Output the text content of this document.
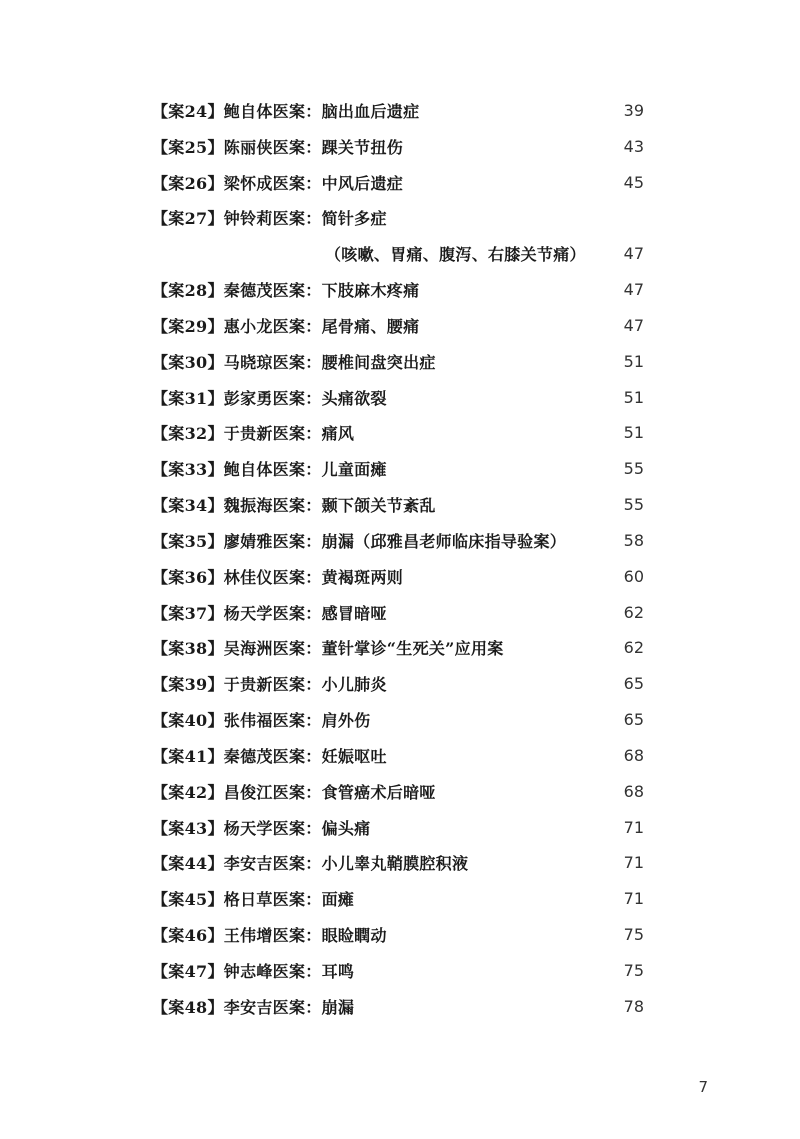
【案24】鲍自体医案：脑出血后遗症	39
【案25】陈丽侠医案：踝关节扭伤	43
【案26】梁怀成医案：中风后遗症	45
【案27】钟铃莉医案：简针多症
（咳嗽、胃痛、腹泻、右膝关节痛） 47
【案28】秦德茂医案：下肢麻木疼痛	47
【案29】惠小龙医案：尾骨痛、腰痛	47
【案30】马晓琼医案：腰椎间盘突出症	51
【案31】彭家勇医案：头痛欲裂	51
【案32】于贵新医案：痛风	51
【案33】鲍自体医案：儿童面瘫	55
【案34】魏振海医案：颞下颌关节紊乱	55
【案35】廖婧雅医案：崩漏（邱雅昌老师临床指导验案）	58
【案36】林佳仪医案：黄褐斑两则	60
【案37】杨天学医案：感冒暗哑	62
【案38】吴海洲医案：董针掌诊“生死关”应用案	62
【案39】于贵新医案：小儿肺炎	65
【案40】张伟福医案：肩外伤	65
【案41】秦德茂医案：妊娠呕吐	68
【案42】昌俊江医案：食管癌术后暗哑	68
【案43】杨天学医案：偏头痛	71
【案44】李安吉医案：小儿睾丸鞘膜腔积液	71
【案45】格日草医案：面瘫	71
【案46】王伟增医案：眼睑瞤动	75
【案47】钟志峰医案：耳鸣	75
【案48】李安吉医案：崩漏	78
7
